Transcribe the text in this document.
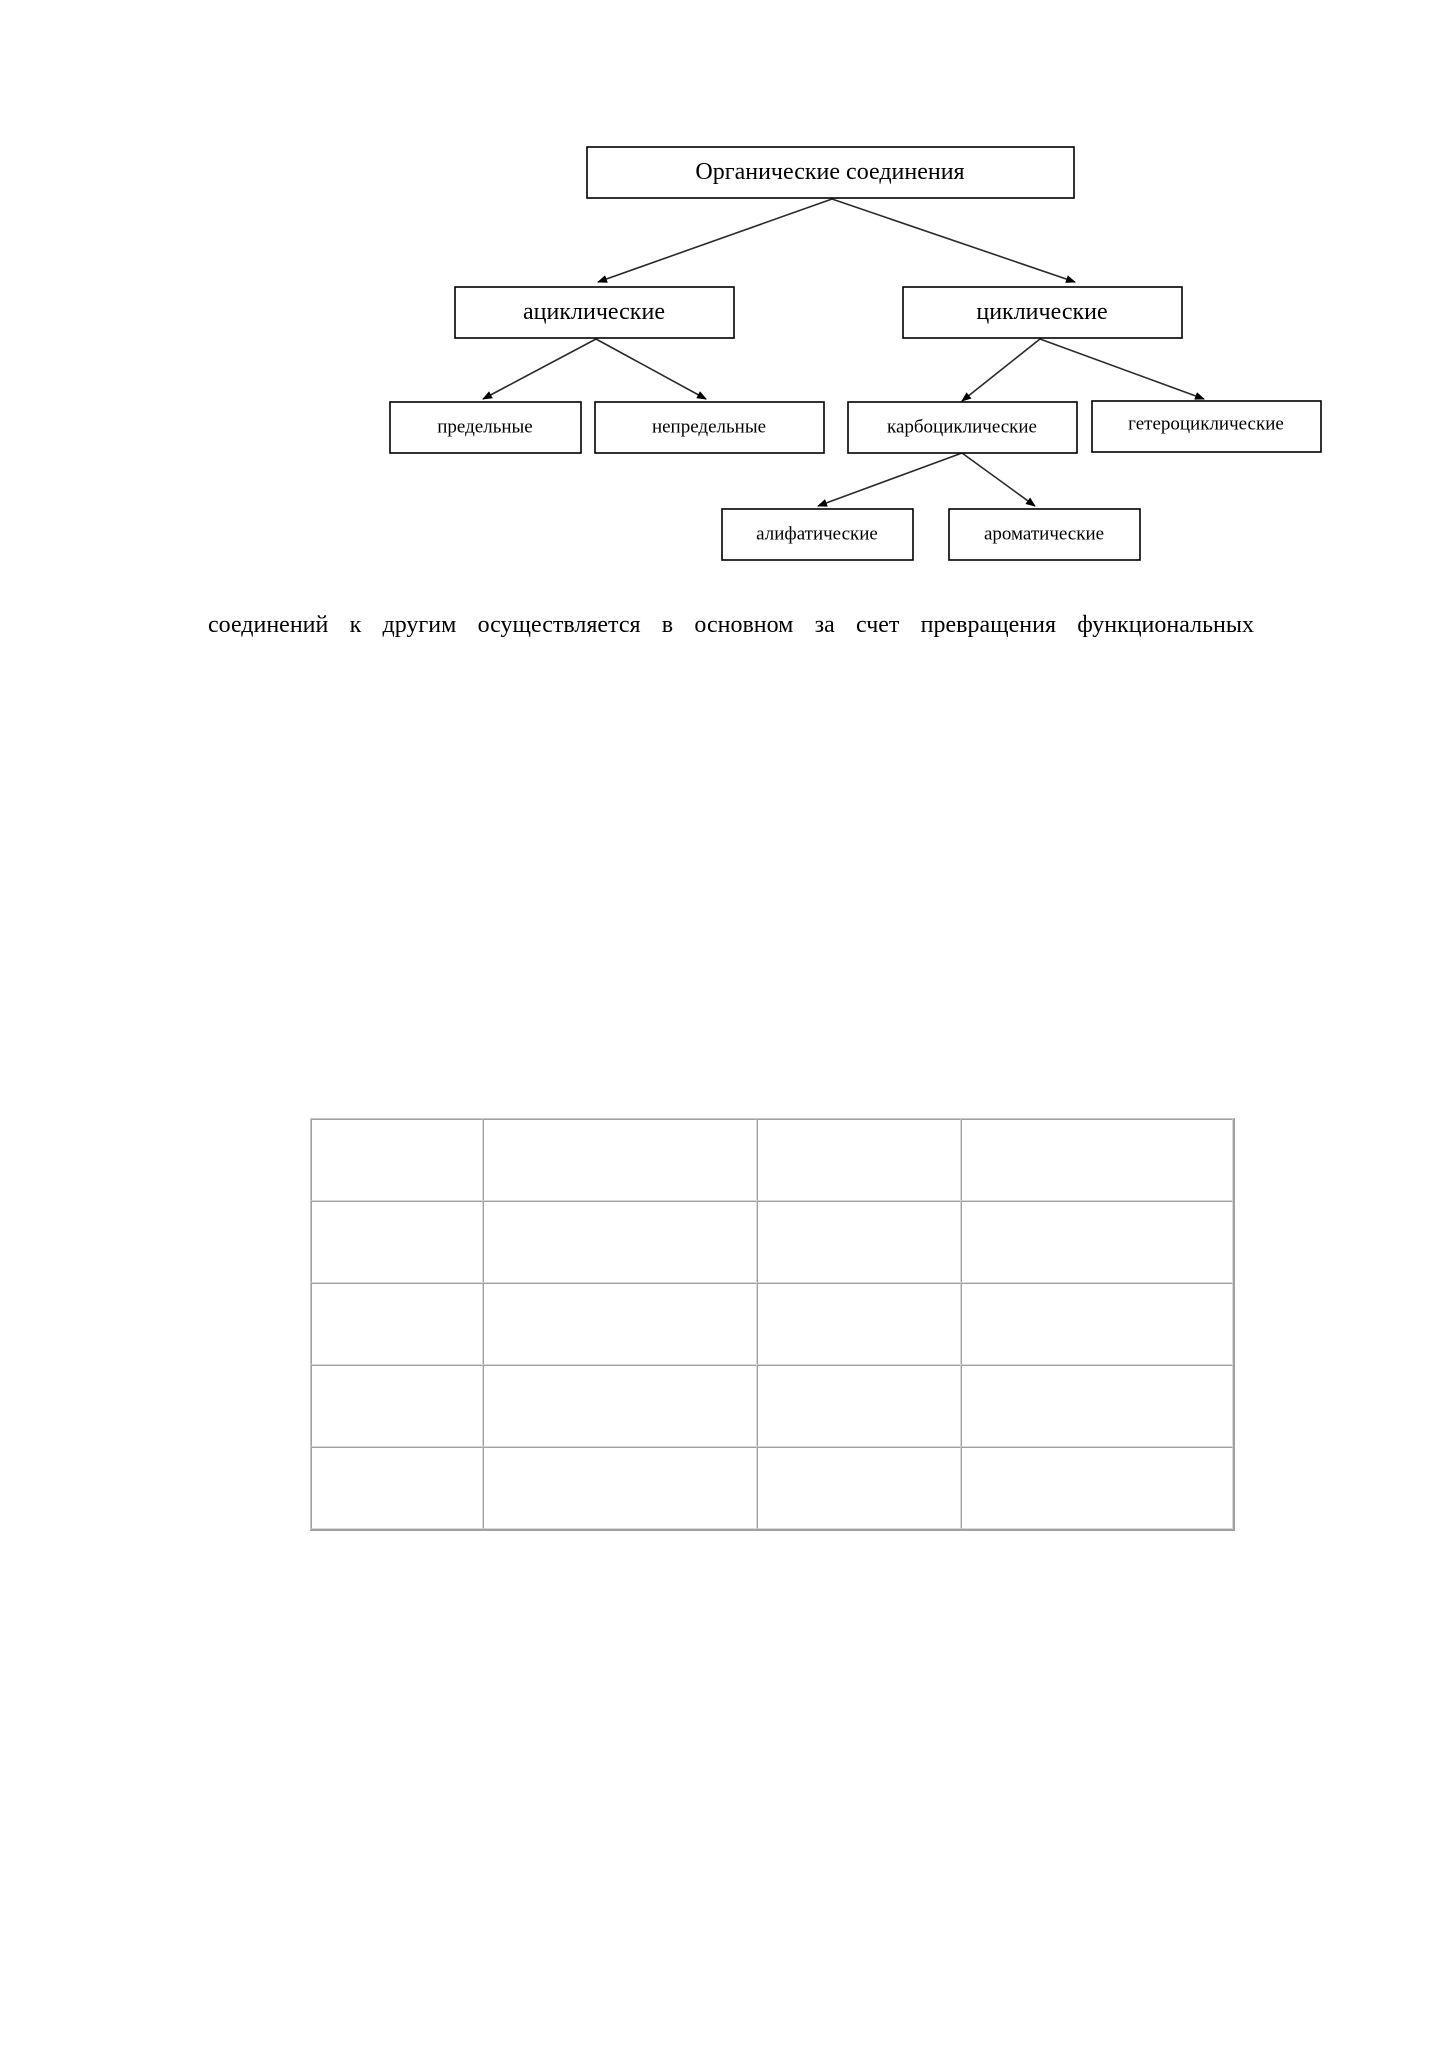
Органические соединения
ациклические	циклические
предельные	непредельные	карбоциклические	гетероциклические
алифатические	ароматические
соединений к другим осуществляется в основном за счет превращения функциональных
